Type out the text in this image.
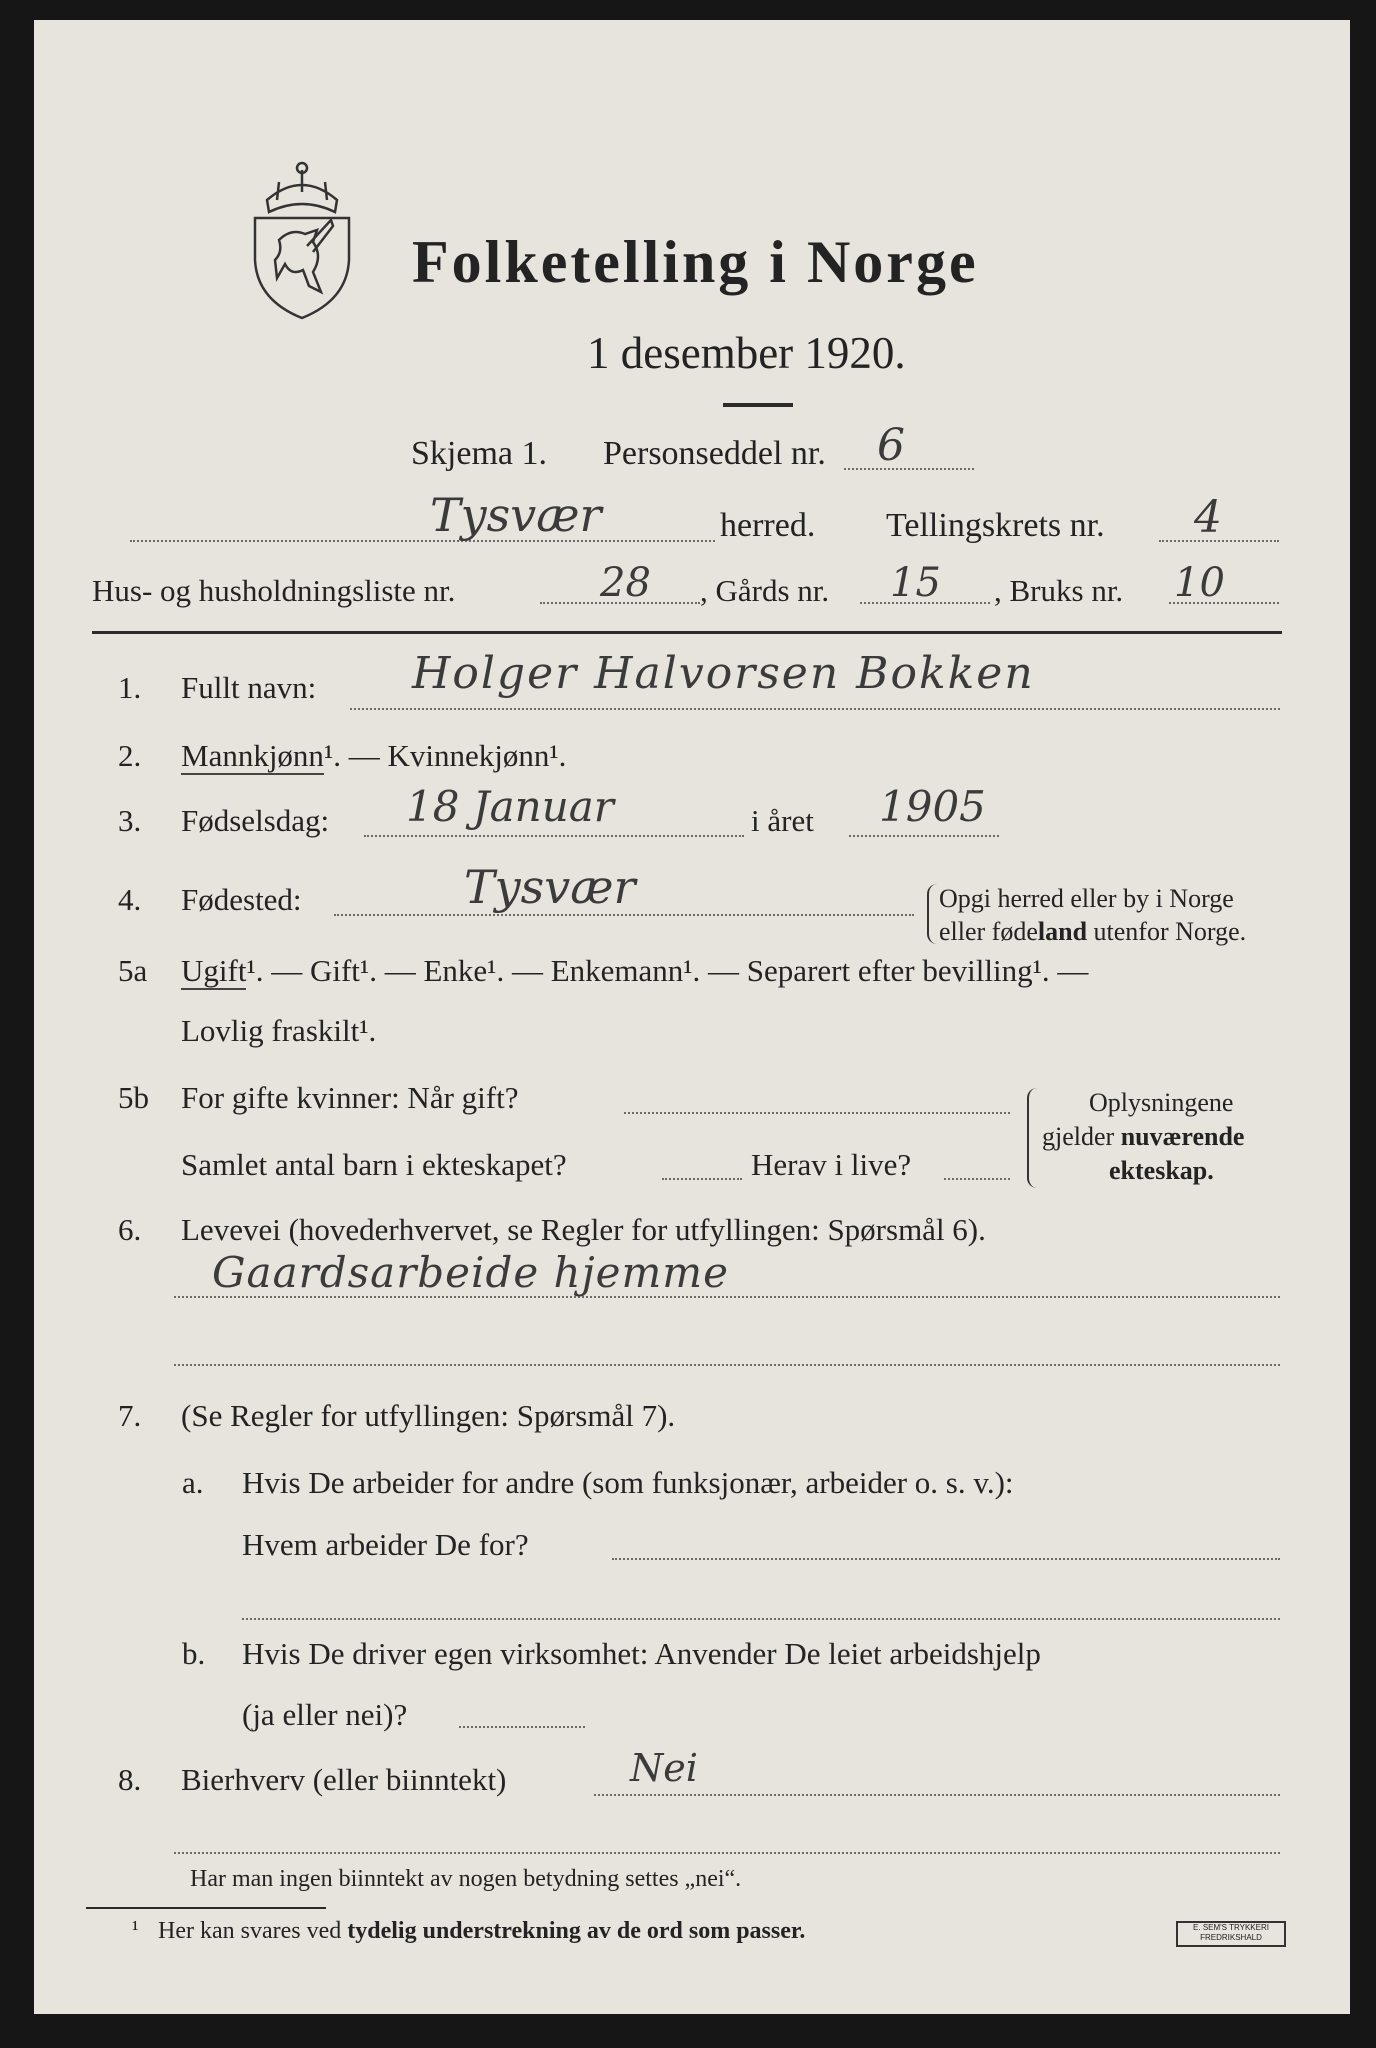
Folketelling i Norge
1 desember 1920.
Skjema 1. Personseddel nr. 6
Tysvær	herred. Tellingskrets nr. 4
Hus- og husholdningsliste nr.	28 , Gårds nr. 15 , Bruks nr. 10
1. Fullt navn: Holger Halvorsen Bokken
2. Mannkjønn¹. — Kvinnekjønn¹.
3. Fødselsdag: 18 Januar	i året 1905
4. Fødested:	Tysvær	Opgi herred eller by i Norge
eller fødeland utenfor Norge.
5a Ugift¹. — Gift¹. — Enke¹. — Enkemann¹. — Separert efter bevilling¹. —
Lovlig fraskilt¹.
5b For gifte kvinner: Når gift?
Samlet antal barn i ekteskapet?	Herav i live?
Oplysningene
gjelder nuværende
ekteskap.
6. Levevei (hovederhvervet, se Regler for utfyllingen: Spørsmål 6).
Gaardsarbeide hjemme
7. (Se Regler for utfyllingen: Spørsmål 7).
a. Hvis De arbeider for andre (som funksjonær, arbeider o. s. v.):
Hvem arbeider De for?
b. Hvis De driver egen virksomhet: Anvender De leiet arbeidshjelp
(ja eller nei)?
8. Bierhverv (eller biinntekt)	Nei
Har man ingen biinntekt av nogen betydning settes „nei“.
¹ Her kan svares ved tydelig understrekning av de ord som passer.	E. SEM'S TRYKKERI
FREDRIKSHALD
